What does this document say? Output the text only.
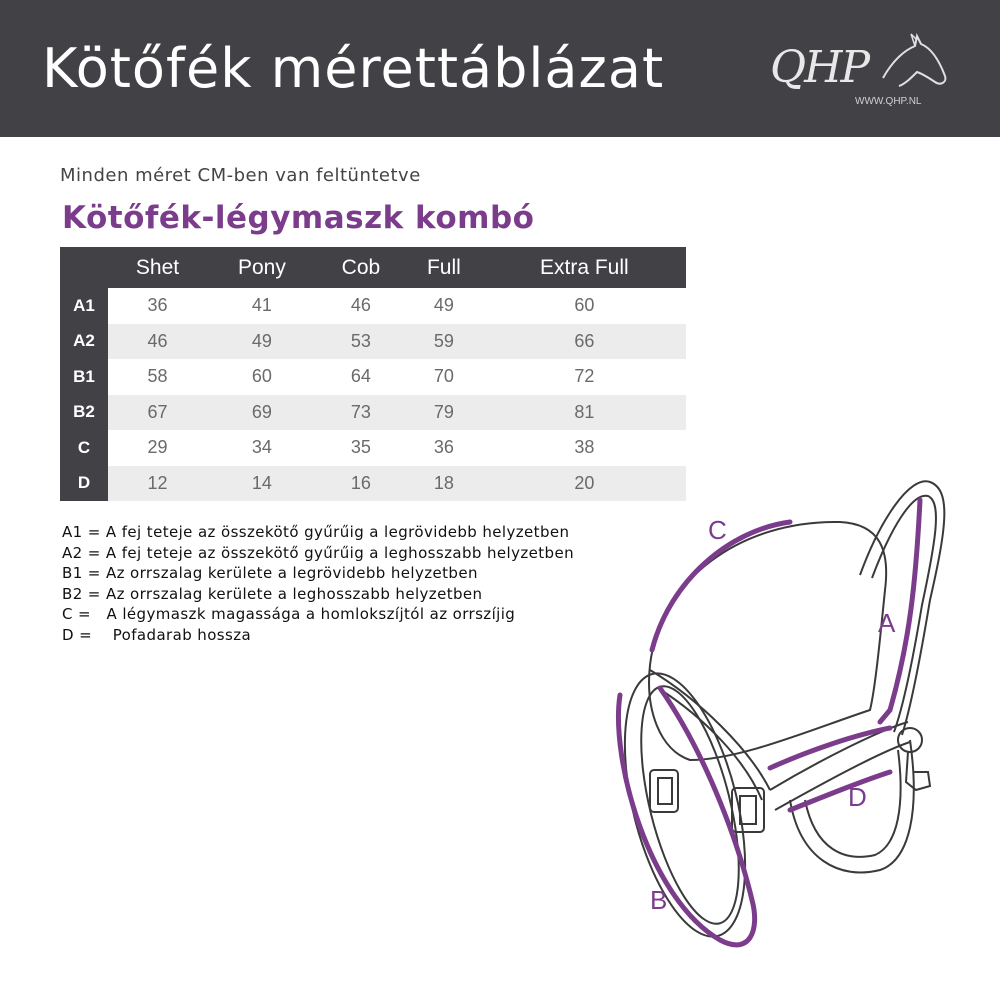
Kötőfék mérettáblázat QHP
WWW.QHP.NL

Minden méret CM-ben van feltüntetve

Kötőfék-légymaszk kombó
	Shet	Pony	Cob	Full	Extra Full
A1	36	41	46	49	60
A2	46	49	53	59	66
B1	58	60	64	70	72
B2	67	69	73	79	81
C	29	34	35	36	38
D	12	14	16	18	20
A1 = A fej teteje az összekötő gyűrűig a legrövidebb helyzetben
A2 = A fej teteje az összekötő gyűrűig a leghosszabb helyzetben
B1 = Az orrszalag kerülete a legrövidebb helyzetben
B2 = Az orrszalag kerülete a leghosszabb helyzetben
C =   A légymaszk magassága a homlokszíjtól az orrszíjig
D =    Pofadarab hossza
C
A
B
D
